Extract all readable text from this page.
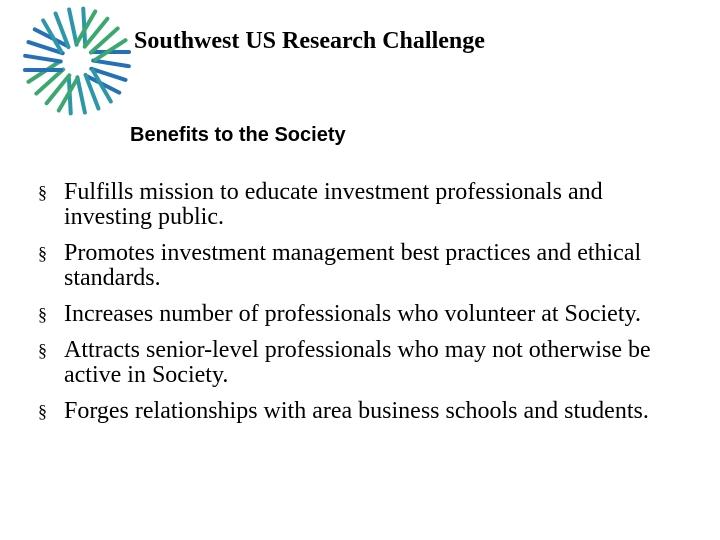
Southwest US Research Challenge
Benefits to the Society
§ Fulfills mission to educate investment professionals and investing public.
§ Promotes investment management best practices and ethical standards.
§ Increases number of professionals who volunteer at Society.
§ Attracts senior-level professionals who may not otherwise be active in Society.
§ Forges relationships with area business schools and students.
